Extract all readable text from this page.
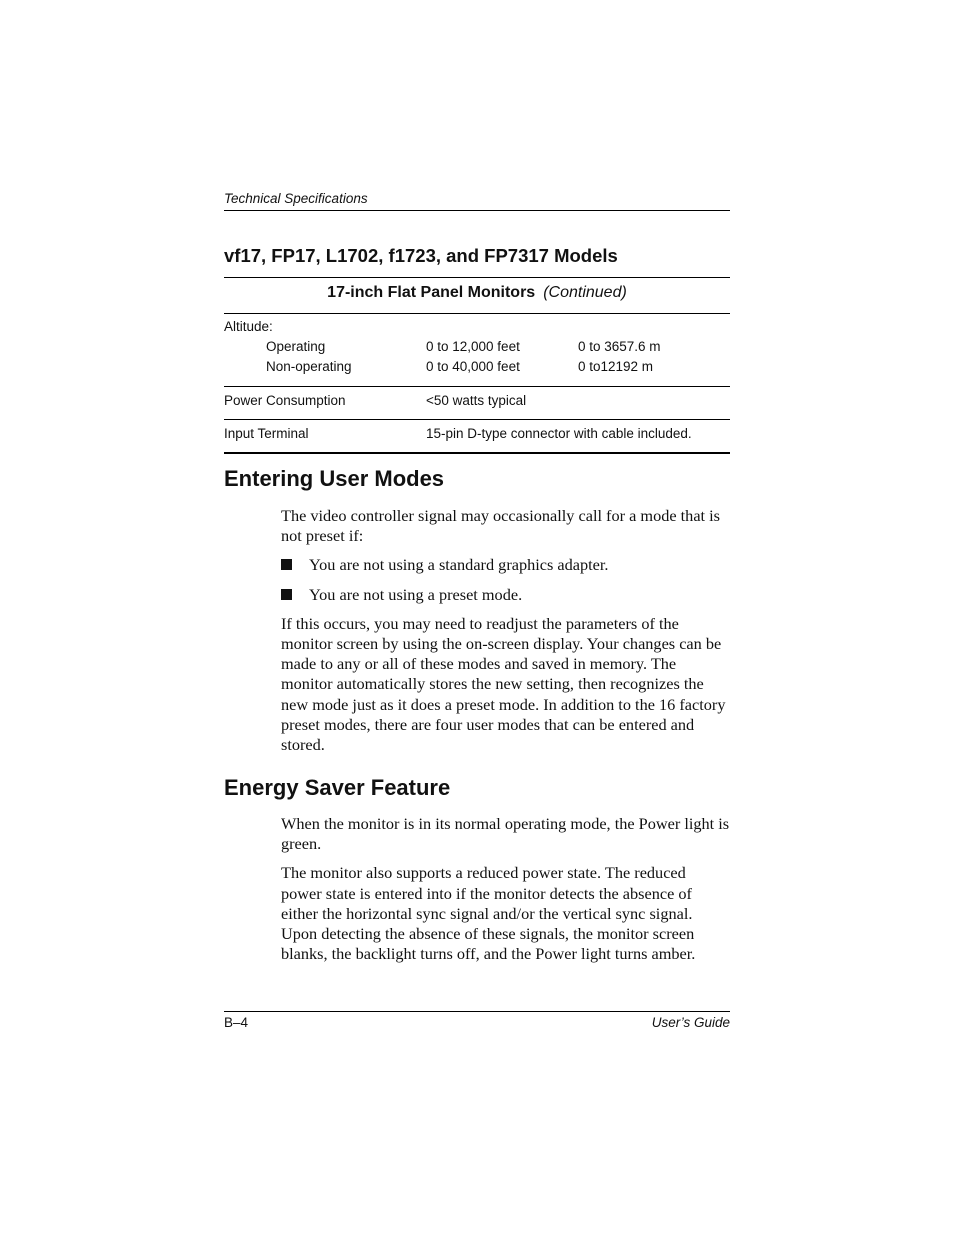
Technical Specifications
vf17, FP17, L1702, f1723, and FP7317 Models
17-inch Flat Panel Monitors (Continued)
Altitude:
Operating	0 to 12,000 feet	0 to 3657.6 m
Non-operating	0 to 40,000 feet	0 to12192 m
Power Consumption	<50 watts typical
Input Terminal	15-pin D-type connector with cable included.
Entering User Modes

The video controller signal may occasionally call for a mode that is not preset if:

You are not using a standard graphics adapter.
You are not using a preset mode.

If this occurs, you may need to readjust the parameters of the monitor screen by using the on-screen display. Your changes can be made to any or all of these modes and saved in memory. The monitor automatically stores the new setting, then recognizes the new mode just as it does a preset mode. In addition to the 16 factory preset modes, there are four user modes that can be entered and stored.

Energy Saver Feature

When the monitor is in its normal operating mode, the Power light is green.

The monitor also supports a reduced power state. The reduced power state is entered into if the monitor detects the absence of either the horizontal sync signal and/or the vertical sync signal. Upon detecting the absence of these signals, the monitor screen blanks, the backlight turns off, and the Power light turns amber.

B–4	User’s Guide
